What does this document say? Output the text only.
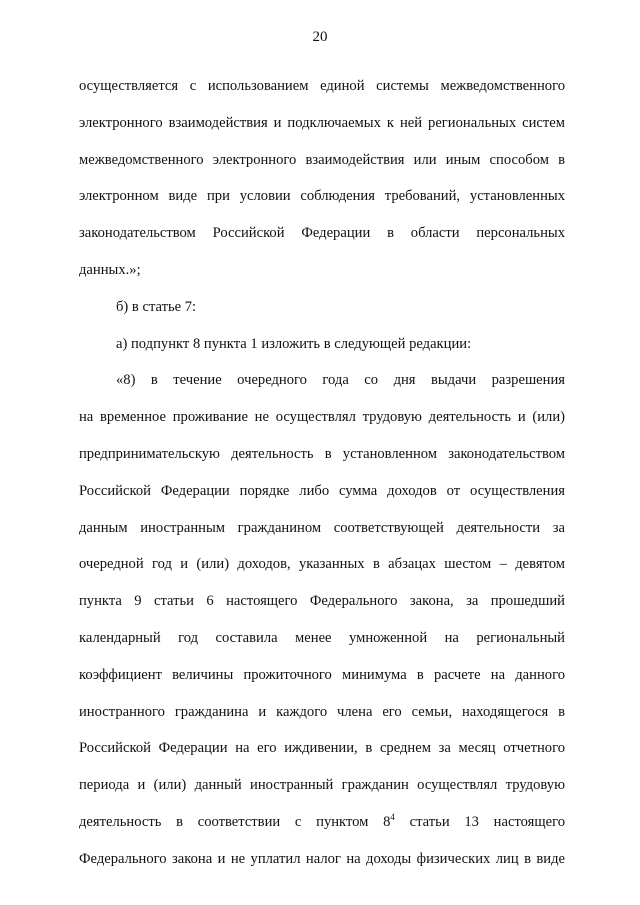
20
осуществляется с использованием единой системы межведомственного
электронного взаимодействия и подключаемых к ней региональных систем
межведомственного электронного взаимодействия или иным способом в
электронном виде при условии соблюдения требований, установленных
законодательством Российской Федерации в области персональных
данных.»;
б) в статье 7:
а) подпункт 8 пункта 1 изложить в следующей редакции:
«8) в течение очередного года со дня выдачи разрешения
на временное проживание не осуществлял трудовую деятельность и (или)
предпринимательскую деятельность в установленном законодательством
Российской Федерации порядке либо сумма доходов от осуществления
данным иностранным гражданином соответствующей деятельности за
очередной год и (или) доходов, указанных в абзацах шестом – девятом
пункта 9 статьи 6 настоящего Федерального закона, за прошедший
календарный год составила менее умноженной на региональный
коэффициент величины прожиточного минимума в расчете на данного
иностранного гражданина и каждого члена его семьи, находящегося в
Российской Федерации на его иждивении, в среднем за месяц отчетного
периода и (или) данный иностранный гражданин осуществлял трудовую
деятельность в соответствии с пунктом $8^4$ статьи 13 настоящего
Федерального закона и не уплатил налог на доходы физических лиц в виде
